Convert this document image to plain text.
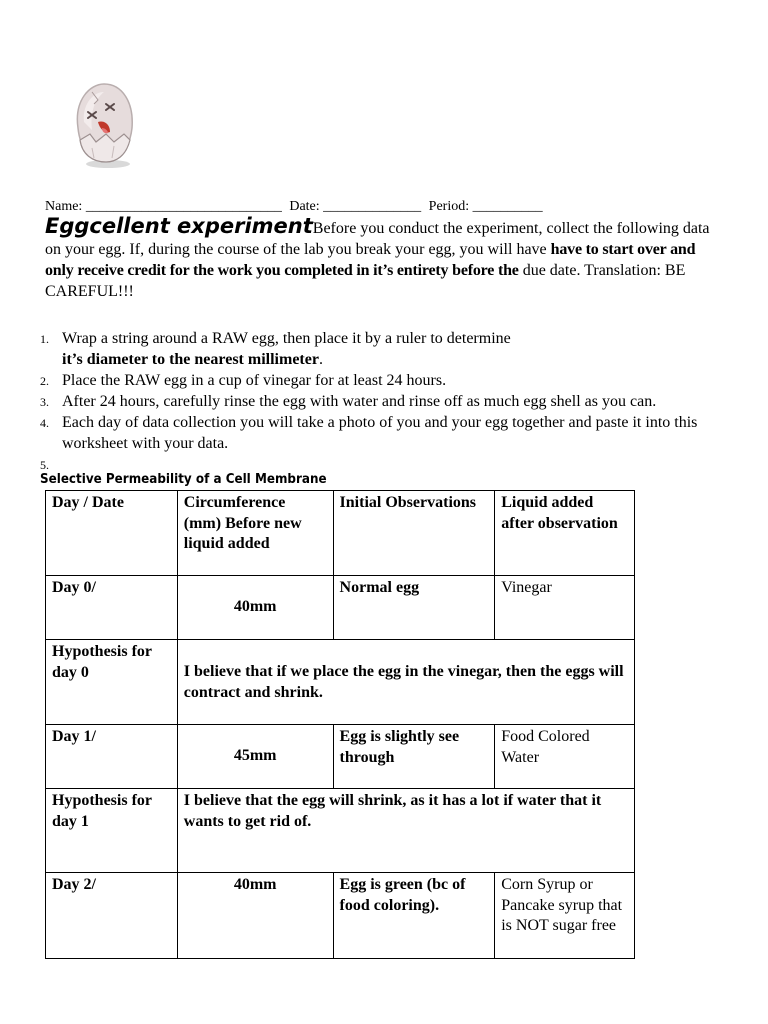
Name: ____________________________ Date: ______________ Period: __________
Eggcellent experimentBefore you conduct the experiment, collect the following data on your egg. If, during the course of the lab you break your egg, you will have have to start over and only receive credit for the work you completed in it’s entirety before the due date. Translation: BE CAREFUL!!!
1. Wrap a string around a RAW egg, then place it by a ruler to determine
it’s diameter to the nearest millimeter.
2. Place the RAW egg in a cup of vinegar for at least 24 hours.
3. After 24 hours, carefully rinse the egg with water and rinse off as much egg shell as you can.
4. Each day of data collection you will take a photo of you and your egg together and paste it into this worksheet with your data.
5.
Selective Permeability of a Cell Membrane
Day / Date	Circumference (mm) Before new liquid added	Initial Observations	Liquid added after observation
Day 0/	40mm	Normal egg	Vinegar
Hypothesis for day 0	I believe that if we place the egg in the vinegar, then the eggs will contract and shrink.		
Day 1/	45mm	Egg is slightly see through	Food Colored Water
Hypothesis for day 1	I believe that the egg will shrink, as it has a lot if water that it wants to get rid of.		
Day 2/	40mm	Egg is green (bc of food coloring).	Corn Syrup or Pancake syrup that is NOT sugar free
